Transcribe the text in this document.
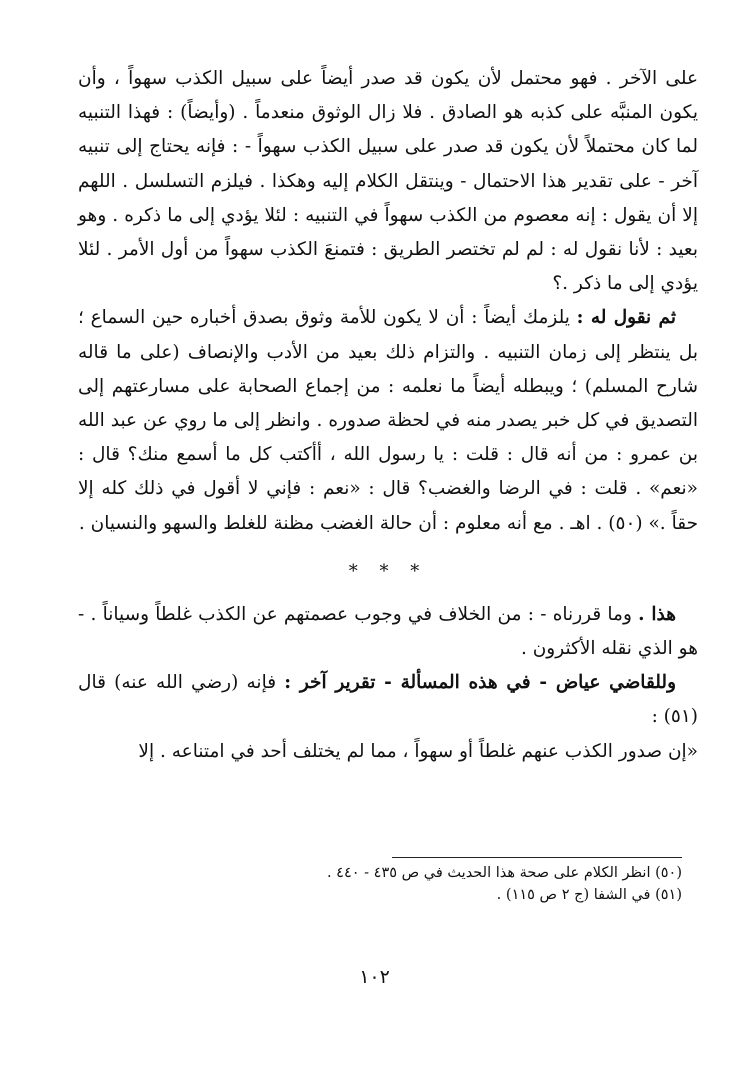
على الآخر . فهو محتمل لأن يكون قد صدر أيضاً على سبيل الكذب سهواً ، وأن يكون المنبَّه على كذبه هو الصادق . فلا زال الوثوق منعدماً . (وأيضاً) : فهذا التنبيه لما كان محتملاً لأن يكون قد صدر على سبيل الكذب سهواً - : فإنه يحتاج إلى تنبيه آخر - على تقدير هذا الاحتمال - وينتقل الكلام إليه وهكذا . فيلزم التسلسل . اللهم إلا أن يقول : إنه معصوم من الكذب سهواً في التنبيه : لئلا يؤدي إلى ما ذكره . وهو بعيد : لأنا نقول له : لم لم تختصر الطريق : فتمنعَ الكذب سهواً من أول الأمر . لئلا يؤدي إلى ما ذكر .؟

ثم نقول له : يلزمك أيضاً : أن لا يكون للأمة وثوق بصدق أخباره حين السماع ؛ بل ينتظر إلى زمان التنبيه . والتزام ذلك بعيد من الأدب والإنصاف (على ما قاله شارح المسلم) ؛ ويبطله أيضاً ما نعلمه : من إجماع الصحابة على مسارعتهم إلى التصديق في كل خبر يصدر منه في لحظة صدوره . وانظر إلى ما روي عن عبد الله بن عمرو : من أنه قال : قلت : يا رسول الله ، أأكتب كل ما أسمع منك؟ قال : «نعم» . قلت : في الرضا والغضب؟ قال : «نعم : فإني لا أقول في ذلك كله إلا حقاً .» (٥٠) . اهـ . مع أنه معلوم : أن حالة الغضب مظنة للغلط والسهو والنسيان .

* * *

هذا . وما قررناه - : من الخلاف في وجوب عصمتهم عن الكذب غلطاً وسياناً . - هو الذي نقله الأكثرون .

وللقاضي عياض - في هذه المسألة - تقرير آخر : فإنه (رضي الله عنه) قال (٥١) :

«إن صدور الكذب عنهم غلطاً أو سهواً ، مما لم يختلف أحد في امتناعه . إلا

(٥٠) انظر الكلام على صحة هذا الحديث في ص ٤٣٥ - ٤٤٠ .

(٥١) في الشفا (ج ٢ ص ١١٥) .

١٠٢
